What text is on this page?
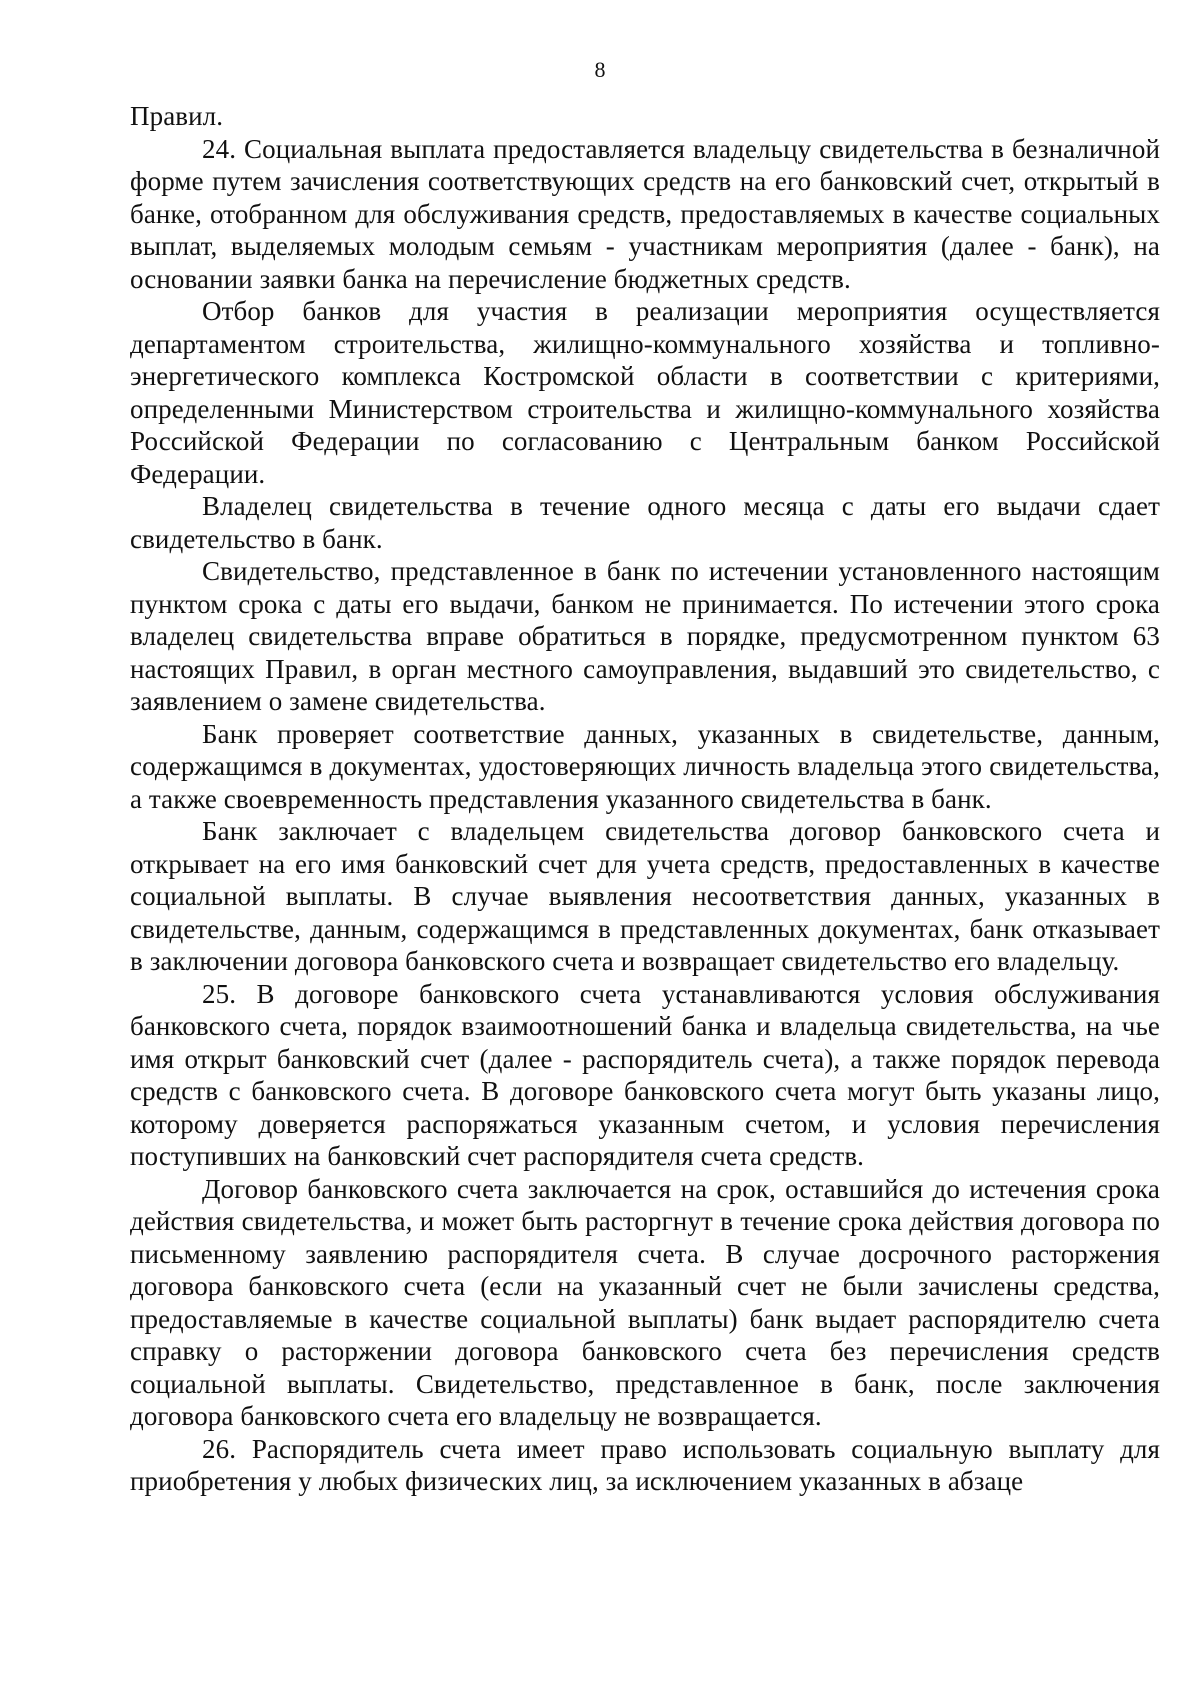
8

Правил.

24. Социальная выплата предоставляется владельцу свидетельства в безналичной форме путем зачисления соответствующих средств на его банковский счет, открытый в банке, отобранном для обслуживания средств, предоставляемых в качестве социальных выплат, выделяемых молодым семьям - участникам мероприятия (далее - банк), на основании заявки банка на перечисление бюджетных средств.

Отбор банков для участия в реализации мероприятия осуществляется департаментом строительства, жилищно-коммунального хозяйства и топливно-энергетического комплекса Костромской области в соответствии с критериями, определенными Министерством строительства и жилищно-коммунального хозяйства Российской Федерации по согласованию с Центральным банком Российской Федерации.

Владелец свидетельства в течение одного месяца с даты его выдачи сдает свидетельство в банк.

Свидетельство, представленное в банк по истечении установленного настоящим пунктом срока с даты его выдачи, банком не принимается. По истечении этого срока владелец свидетельства вправе обратиться в порядке, предусмотренном пунктом 63 настоящих Правил, в орган местного самоуправления, выдавший это свидетельство, с заявлением о замене свидетельства.

Банк проверяет соответствие данных, указанных в свидетельстве, данным, содержащимся в документах, удостоверяющих личность владельца этого свидетельства, а также своевременность представления указанного свидетельства в банк.

Банк заключает с владельцем свидетельства договор банковского счета и открывает на его имя банковский счет для учета средств, предоставленных в качестве социальной выплаты. В случае выявления несоответствия данных, указанных в свидетельстве, данным, содержащимся в представленных документах, банк отказывает в заключении договора банковского счета и возвращает свидетельство его владельцу.

25. В договоре банковского счета устанавливаются условия обслуживания банковского счета, порядок взаимоотношений банка и владельца свидетельства, на чье имя открыт банковский счет (далее - распорядитель счета), а также порядок перевода средств с банковского счета. В договоре банковского счета могут быть указаны лицо, которому доверяется распоряжаться указанным счетом, и условия перечисления поступивших на банковский счет распорядителя счета средств.

Договор банковского счета заключается на срок, оставшийся до истечения срока действия свидетельства, и может быть расторгнут в течение срока действия договора по письменному заявлению распорядителя счета. В случае досрочного расторжения договора банковского счета (если на указанный счет не были зачислены средства, предоставляемые в качестве социальной выплаты) банк выдает распорядителю счета справку о расторжении договора банковского счета без перечисления средств социальной выплаты. Свидетельство, представленное в банк, после заключения договора банковского счета его владельцу не возвращается.

26. Распорядитель счета имеет право использовать социальную выплату для приобретения у любых физических лиц, за исключением указанных в абзаце
